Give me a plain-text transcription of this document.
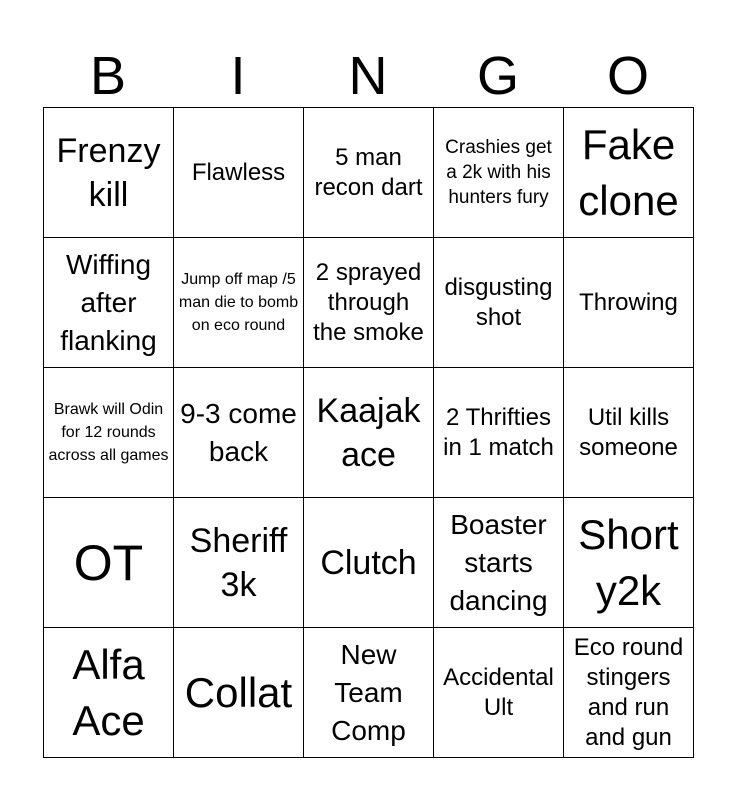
B	I	N	G	O
Frenzy kill
Flawless
5 man recon dart
Crashies get a 2k with his hunters fury
Fake clone
Wiffing after flanking
Jump off map /5 man die to bomb on eco round
2 sprayed through the smoke
disgusting shot
Throwing
Brawk will Odin for 12 rounds across all games
9-3 come back
Kaajak ace
2 Thrifties in 1 match
Util kills someone
OT	Sheriff 3k
Clutch
Boaster starts dancing
Short y2k
Alfa Ace
Collat
New Team Comp
Accidental Ult
Eco round stingers and run and gun
